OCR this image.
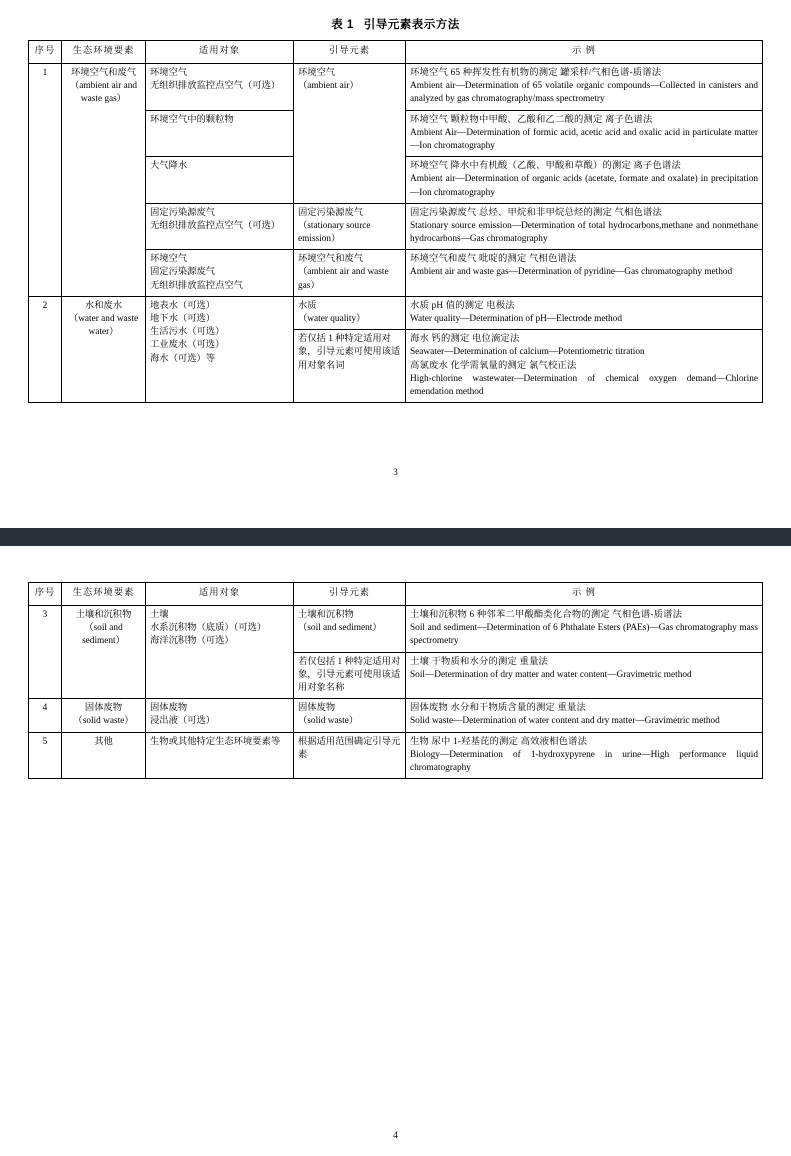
表 1 引导元素表示方法
序号	生态环境要素	适用对象	引导元素	示 例
1	环境空气和废气
（ambient air and
waste gas）	环境空气
无组织排放监控点空气（可选）	环境空气
（ambient air）	环境空气 65 种挥发性有机物的测定 罐采样/气相色谱-质谱法
Ambient air—Determination of 65 volatile organic compounds—Collected in canisters and analyzed by gas chromatography/mass spectrometry

		环境空气中的颗粒物		环境空气 颗粒物中甲酸、乙酸和乙二酸的测定 离子色谱法
Ambient Air—Determination of formic acid, acetic acid and oxalic acid in particulate matter—Ion chromatography

		大气降水		环境空气 降水中有机酸（乙酸、甲酸和草酸）的测定 离子色谱法
Ambient air—Determination of organic acids (acetate, formate and oxalate) in precipitation—Ion chromatography

		固定污染源废气
无组织排放监控点空气（可选）	固定污染源废气
（stationary source
emission）	固定污染源废气 总烃、甲烷和非甲烷总烃的测定 气相色谱法
Stationary source emission—Determination of total hydrocarbons,methane and nonmethane hydrocarbons—Gas chromatography

		环境空气
固定污染源废气
无组织排放监控点空气	环境空气和废气
（ambient air and waste gas）	环境空气和废气 吡啶的测定 气相色谱法
Ambient air and waste gas—Determination of pyridine—Gas chromatography method

2	水和废水
（water and waste
water）	地表水（可选）
地下水（可选）
生活污水（可选）
工业废水（可选）
海水（可选）等	水质
（water quality）	水质 pH 值的测定 电极法
Water quality—Determination of pH—Electrode method

			若仅括 1 种特定适用对象，引导元素可使用该适用对象名词	海水 钙的测定 电位滴定法
Seawater—Determination of calcium—Potentiometric titration
高氯废水 化学需氧量的测定 氯气校正法
High-chlorine wastewater—Determination of chemical oxygen demand—Chlorine emendation method
3
序号	生态环境要素	适用对象	引导元素	示 例
3	土壤和沉积物
（soil and
sediment）	土壤
水系沉积物（底质）（可选）
海洋沉积物（可选）	土壤和沉积物
（soil and sediment）	土壤和沉积物 6 种邻苯二甲酸酯类化合物的测定 气相色谱-质谱法
Soil and sediment—Determination of 6 Phthalate Esters (PAEs)—Gas chromatography mass spectrometry

			若仅包括 1 种特定适用对象，引导元素可使用该适用对象名称	土壤 干物质和水分的测定 重量法
Soil—Determination of dry matter and water content—Gravimetric method

4	固体废物
（solid waste）	固体废物
浸出液（可选）	固体废物
（solid waste）	固体废物 水分和干物质含量的测定 重量法
Solid waste—Determination of water content and dry matter—Gravimetric method

5	其他	生物或其他特定生态环境要素等	根据适用范围确定引导元素	生物 尿中 1-羟基芘的测定 高效液相色谱法
Biology—Determination of 1-hydroxypyrene in urine—High performance liquid chromatography
4
